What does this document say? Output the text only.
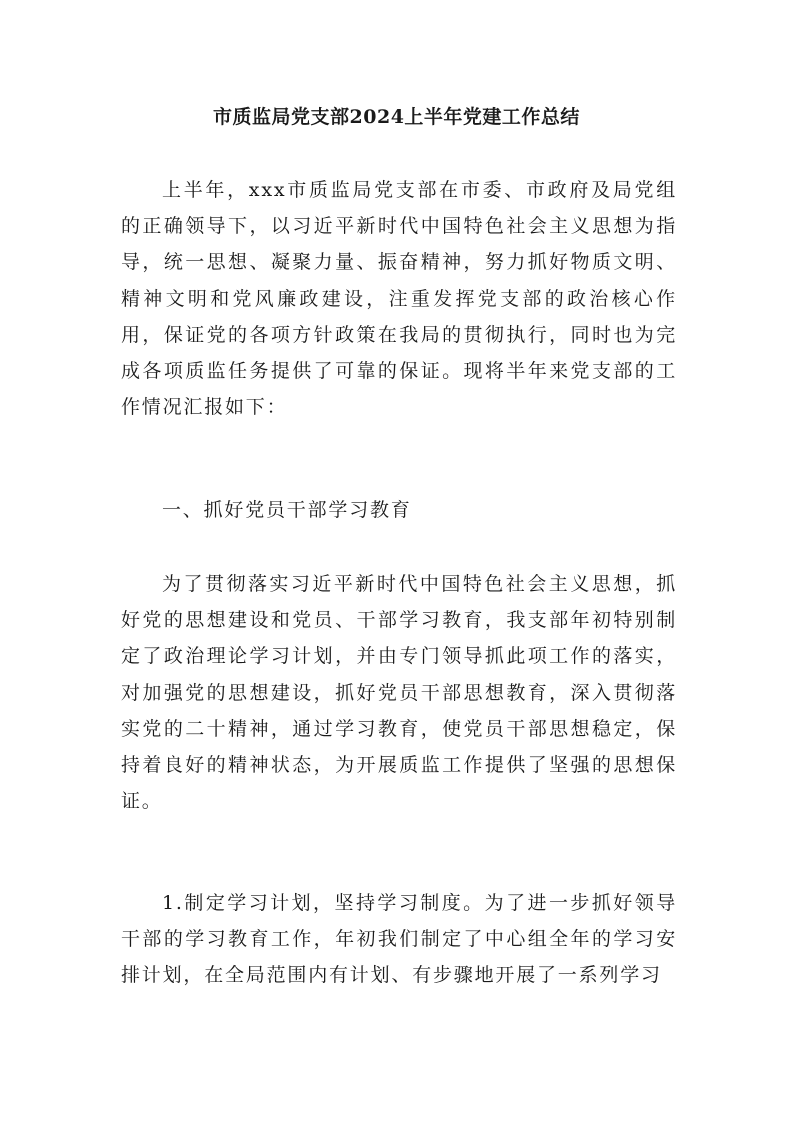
市质监局党支部2024上半年党建工作总结

上半年，xxx市质监局党支部在市委、市政府及局党组的正确领导下，以习近平新时代中国特色社会主义思想为指导，统一思想、凝聚力量、振奋精神，努力抓好物质文明、精神文明和党风廉政建设，注重发挥党支部的政治核心作用，保证党的各项方针政策在我局的贯彻执行，同时也为完成各项质监任务提供了可靠的保证。现将半年来党支部的工作情况汇报如下：

一、抓好党员干部学习教育

为了贯彻落实习近平新时代中国特色社会主义思想，抓好党的思想建设和党员、干部学习教育，我支部年初特别制定了政治理论学习计划，并由专门领导抓此项工作的落实，对加强党的思想建设，抓好党员干部思想教育，深入贯彻落实党的二十精神，通过学习教育，使党员干部思想稳定，保持着良好的精神状态，为开展质监工作提供了坚强的思想保证。

1.制定学习计划，坚持学习制度。为了进一步抓好领导干部的学习教育工作，年初我们制定了中心组全年的学习安排计划，在全局范围内有计划、有步骤地开展了一系列学习
